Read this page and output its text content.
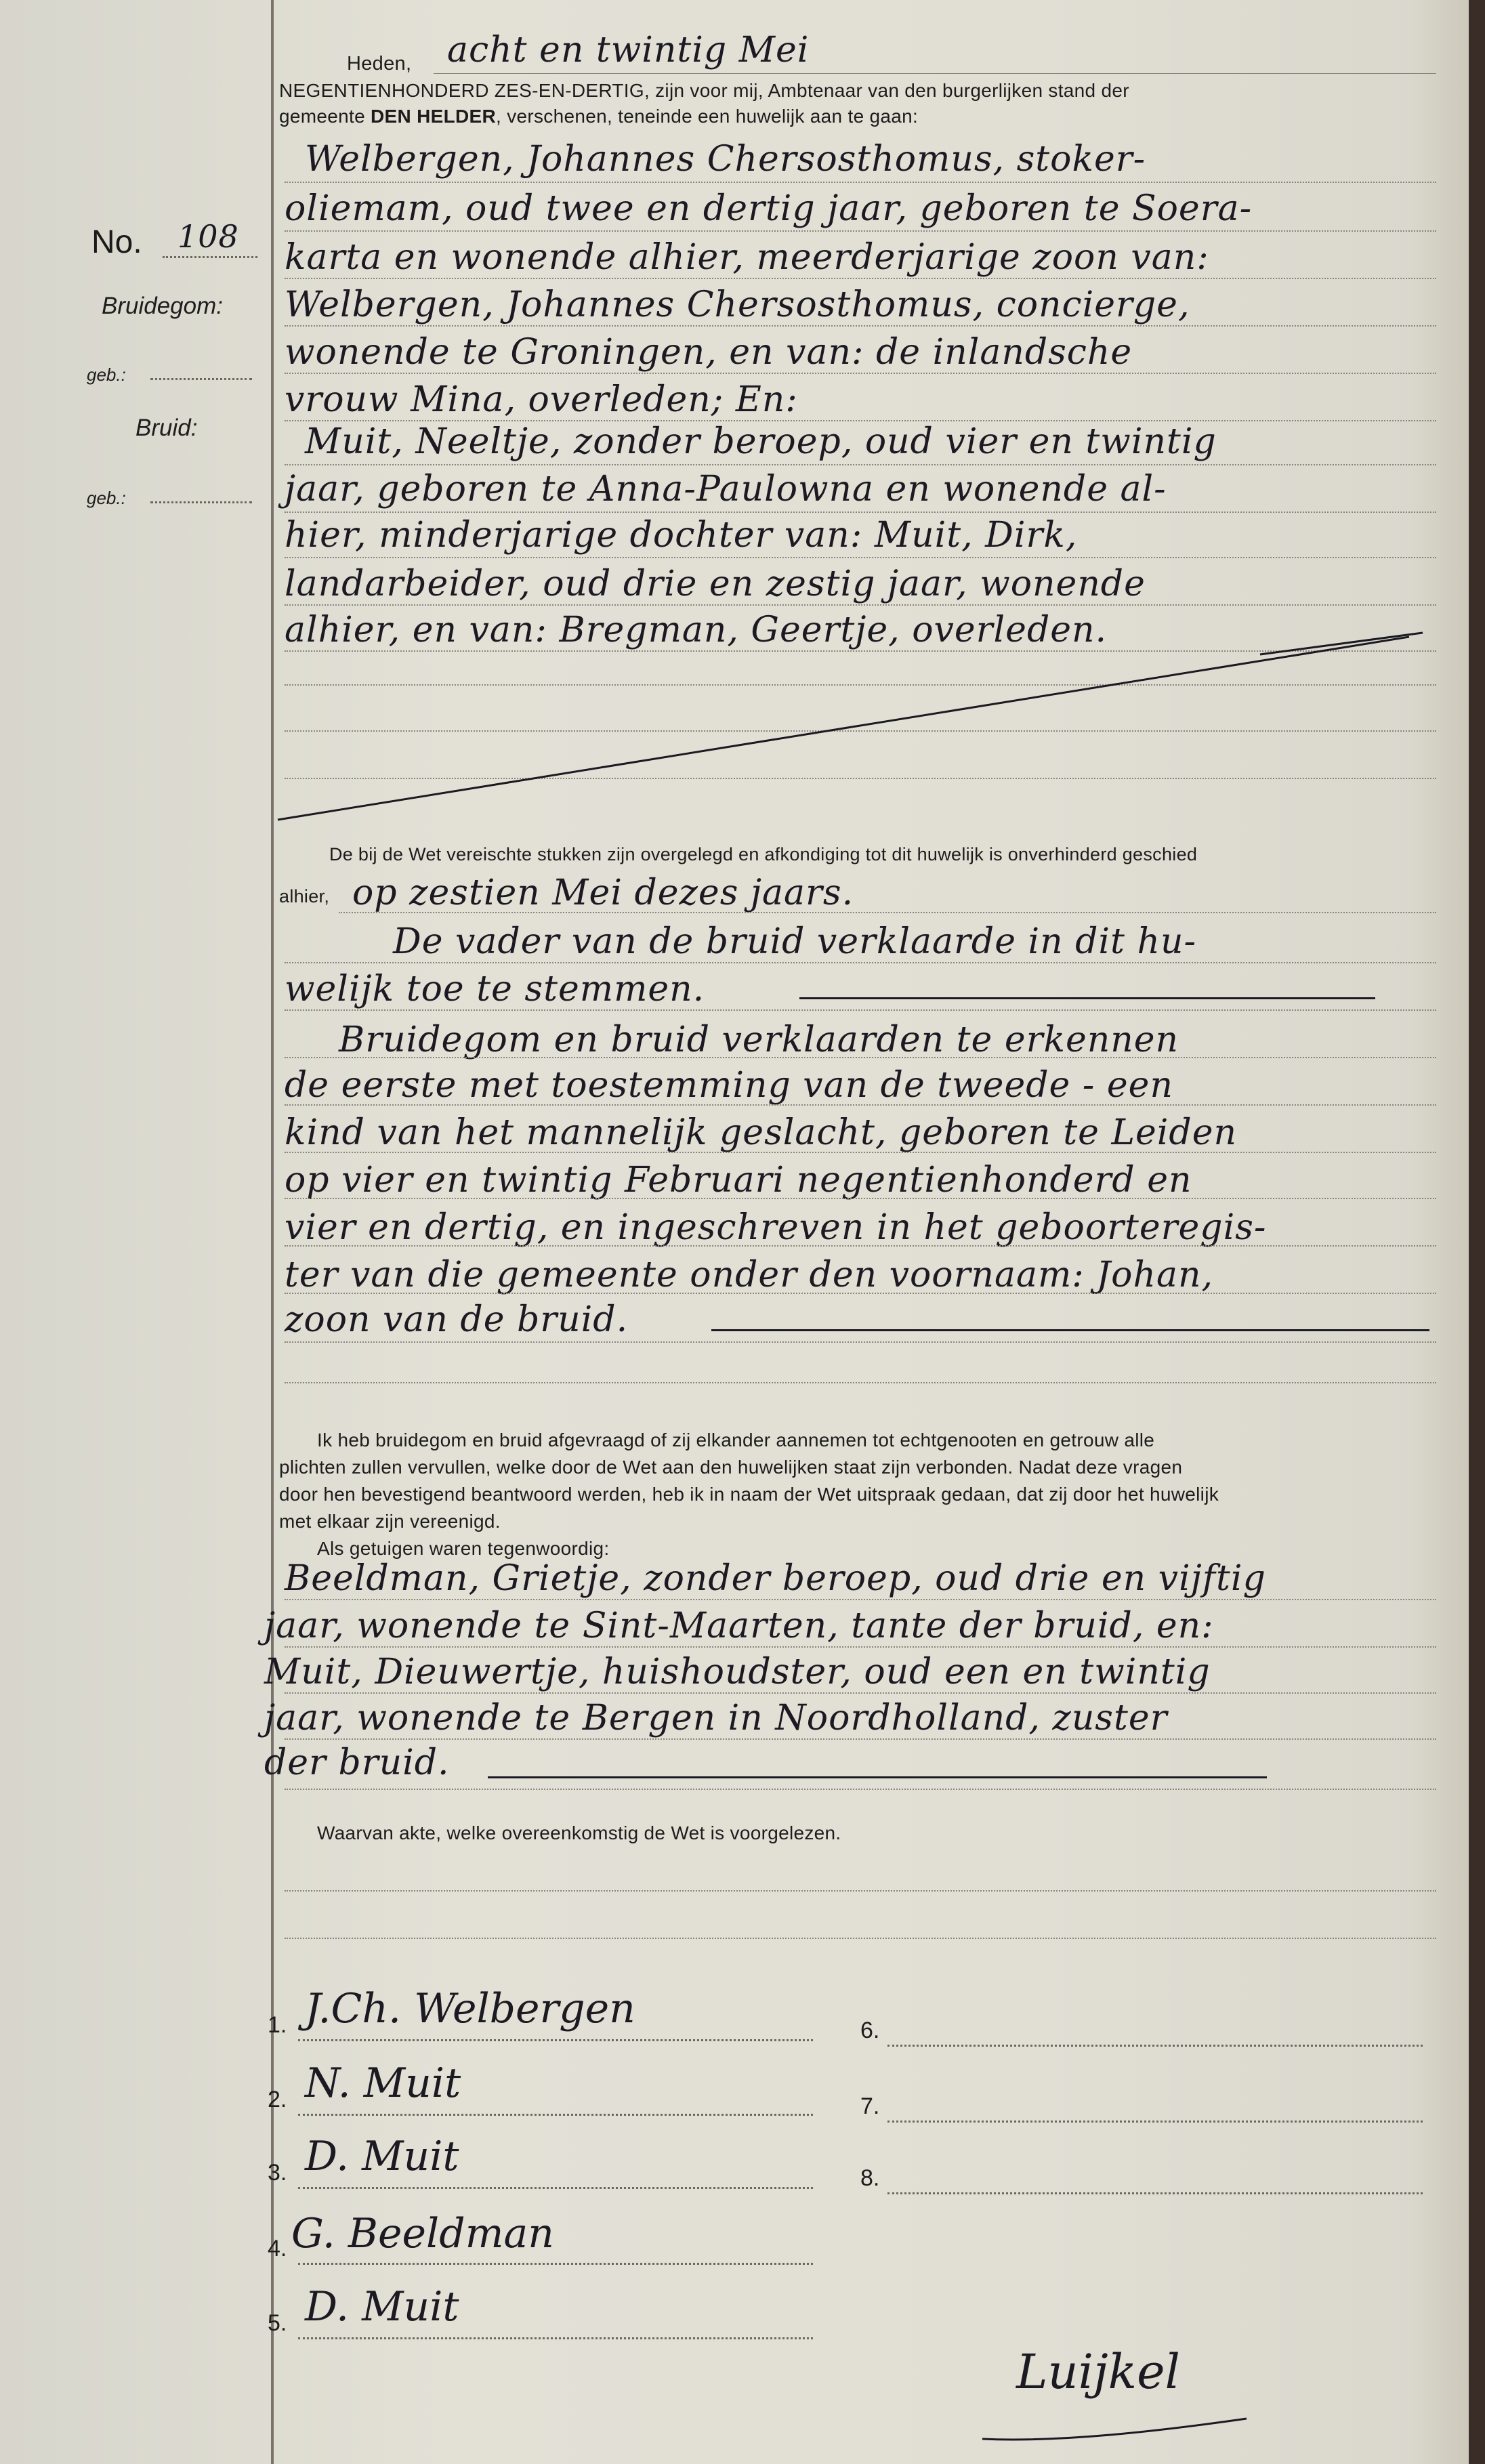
Heden, acht en twintig Mei
NEGENTIENHONDERD ZES-EN-DERTIG, zijn voor mij, Ambtenaar van den burgerlijken stand der
gemeente DEN HELDER, verschenen, teneinde een huwelijk aan te gaan:
No. 108
Bruidegom:
geb.:
Bruid:
geb.:
Welbergen, Johannes Chersosthomus, stoker-
oliemam, oud twee en dertig jaar, geboren te Soera-
karta en wonende alhier, meerderjarige zoon van:
Welbergen, Johannes Chersosthomus, concierge,
wonende te Groningen, en van: de inlandsche
vrouw Mina, overleden; En:
Muit, Neeltje, zonder beroep, oud vier en twintig
jaar, geboren te Anna-Paulowna en wonende al-
hier, minderjarige dochter van: Muit, Dirk,
landarbeider, oud drie en zestig jaar, wonende
alhier, en van: Bregman, Geertje, overleden.
De bij de Wet vereischte stukken zijn overgelegd en afkondiging tot dit huwelijk is onverhinderd geschied
alhier, op zestien Mei dezes jaars.
De vader van de bruid verklaarde in dit hu-
welijk toe te stemmen.
Bruidegom en bruid verklaarden te erkennen
de eerste met toestemming van de tweede - een
kind van het mannelijk geslacht, geboren te Leiden
op vier en twintig Februari negentienhonderd en
vier en dertig, en ingeschreven in het geboorteregis-
ter van die gemeente onder den voornaam: Johan,
zoon van de bruid.
Ik heb bruidegom en bruid afgevraagd of zij elkander aannemen tot echtgenooten en getrouw alle
plichten zullen vervullen, welke door de Wet aan den huwelijken staat zijn verbonden. Nadat deze vragen
door hen bevestigend beantwoord werden, heb ik in naam der Wet uitspraak gedaan, dat zij door het huwelijk
met elkaar zijn vereenigd.
Als getuigen waren tegenwoordig:
Beeldman, Grietje, zonder beroep, oud drie en vijftig
jaar, wonende te Sint-Maarten, tante der bruid, en:
Muit, Dieuwertje, huishoudster, oud een en twintig
jaar, wonende te Bergen in Noordholland, zuster
der bruid.
Waarvan akte, welke overeenkomstig de Wet is voorgelezen.
1.
2.
3.
4.
5.
6.
7.
8.
J.Ch. Welbergen
N. Muit
D. Muit
G. Beeldman
D. Muit
Luijkel
